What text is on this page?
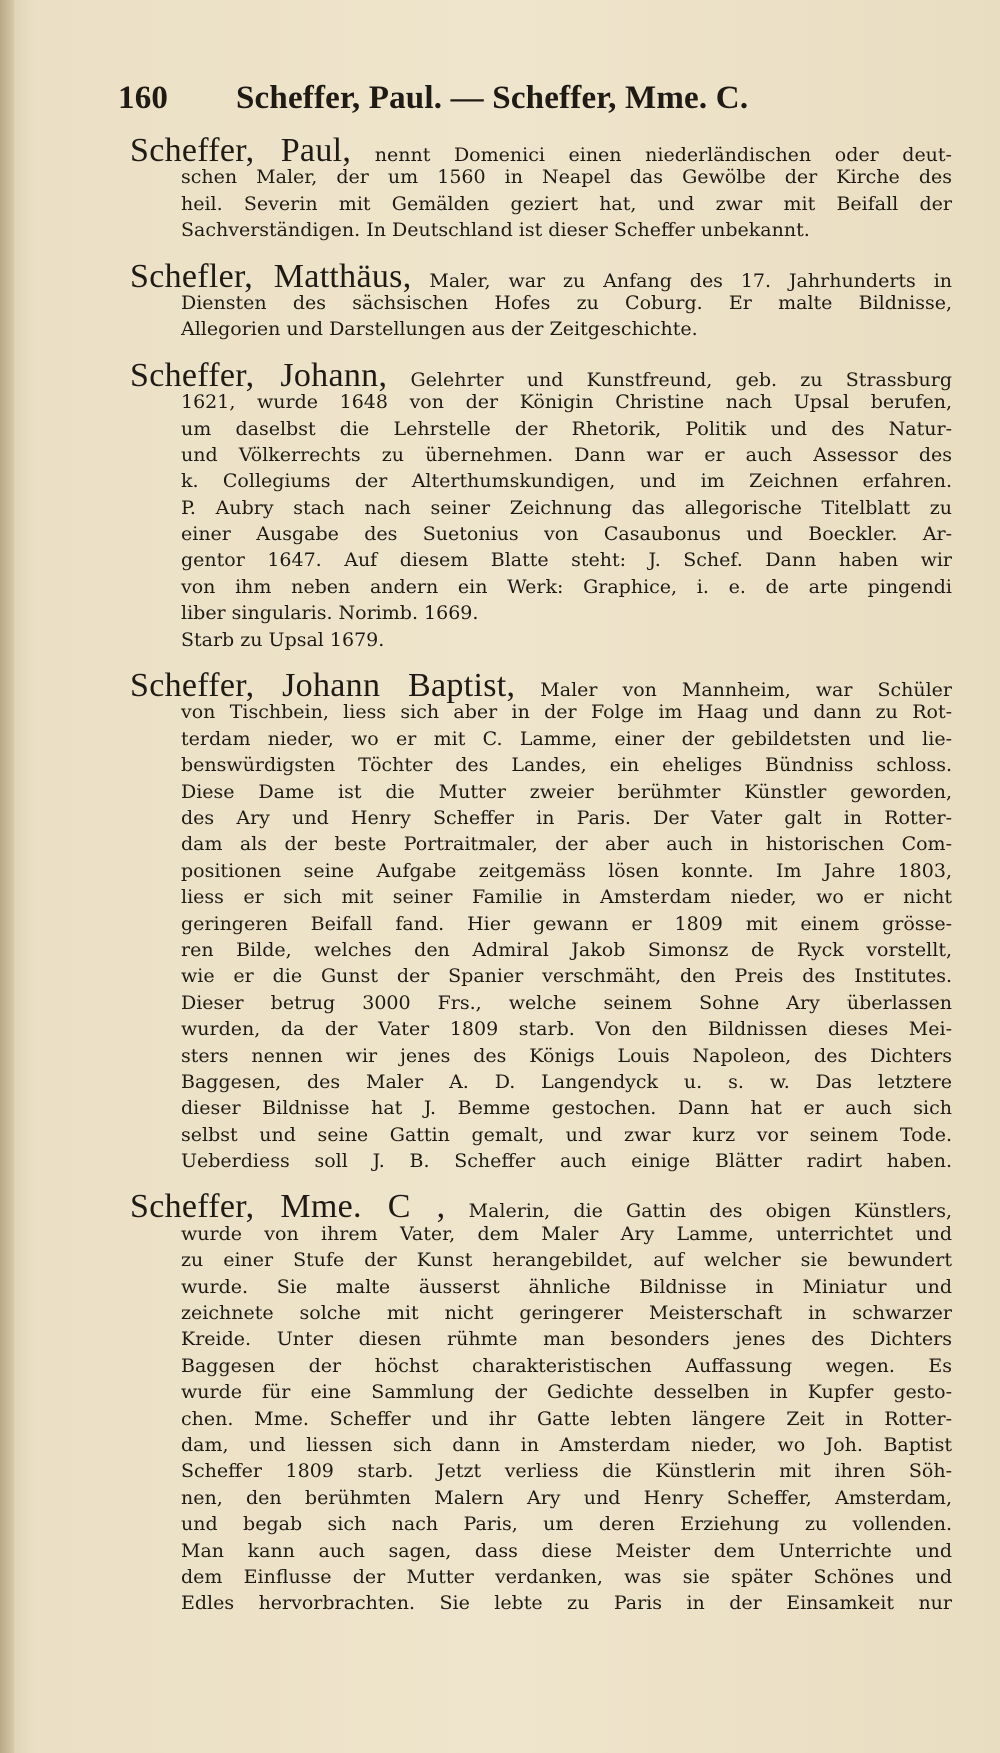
160 Scheffer, Paul. — Scheffer, Mme. C.
Scheffer, Paul, nennt Domenici einen niederländischen oder deut-
schen Maler, der um 1560 in Neapel das Gewölbe der Kirche des
heil. Severin mit Gemälden geziert hat, und zwar mit Beifall der
Sachverständigen. In Deutschland ist dieser Scheffer unbekannt.
Schefler, Matthäus, Maler, war zu Anfang des 17. Jahrhunderts in
Diensten des sächsischen Hofes zu Coburg. Er malte Bildnisse,
Allegorien und Darstellungen aus der Zeitgeschichte.
Scheffer, Johann, Gelehrter und Kunstfreund, geb. zu Strassburg
1621, wurde 1648 von der Königin Christine nach Upsal berufen,
um daselbst die Lehrstelle der Rhetorik, Politik und des Natur-
und Völkerrechts zu übernehmen. Dann war er auch Assessor des
k. Collegiums der Alterthumskundigen, und im Zeichnen erfahren.
P. Aubry stach nach seiner Zeichnung das allegorische Titelblatt zu
einer Ausgabe des Suetonius von Casaubonus und Boeckler. Ar-
gentor 1647. Auf diesem Blatte steht: J. Schef. Dann haben wir
von ihm neben andern ein Werk: Graphice, i. e. de arte pingendi
liber singularis. Norimb. 1669.
Starb zu Upsal 1679.
Scheffer, Johann Baptist, Maler von Mannheim, war Schüler
von Tischbein, liess sich aber in der Folge im Haag und dann zu Rot-
terdam nieder, wo er mit C. Lamme, einer der gebildetsten und lie-
benswürdigsten Töchter des Landes, ein eheliges Bündniss schloss.
Diese Dame ist die Mutter zweier berühmter Künstler geworden,
des Ary und Henry Scheffer in Paris. Der Vater galt in Rotter-
dam als der beste Portraitmaler, der aber auch in historischen Com-
positionen seine Aufgabe zeitgemäss lösen konnte. Im Jahre 1803,
liess er sich mit seiner Familie in Amsterdam nieder, wo er nicht
geringeren Beifall fand. Hier gewann er 1809 mit einem grösse-
ren Bilde, welches den Admiral Jakob Simonsz de Ryck vorstellt,
wie er die Gunst der Spanier verschmäht, den Preis des Institutes.
Dieser betrug 3000 Frs., welche seinem Sohne Ary überlassen
wurden, da der Vater 1809 starb. Von den Bildnissen dieses Mei-
sters nennen wir jenes des Königs Louis Napoleon, des Dichters
Baggesen, des Maler A. D. Langendyck u. s. w. Das letztere
dieser Bildnisse hat J. Bemme gestochen. Dann hat er auch sich
selbst und seine Gattin gemalt, und zwar kurz vor seinem Tode.
Ueberdiess soll J. B. Scheffer auch einige Blätter radirt haben.
Scheffer, Mme. C , Malerin, die Gattin des obigen Künstlers,
wurde von ihrem Vater, dem Maler Ary Lamme, unterrichtet und
zu einer Stufe der Kunst herangebildet, auf welcher sie bewundert
wurde. Sie malte äusserst ähnliche Bildnisse in Miniatur und
zeichnete solche mit nicht geringerer Meisterschaft in schwarzer
Kreide. Unter diesen rühmte man besonders jenes des Dichters
Baggesen der höchst charakteristischen Auffassung wegen. Es
wurde für eine Sammlung der Gedichte desselben in Kupfer gesto-
chen. Mme. Scheffer und ihr Gatte lebten längere Zeit in Rotter-
dam, und liessen sich dann in Amsterdam nieder, wo Joh. Baptist
Scheffer 1809 starb. Jetzt verliess die Künstlerin mit ihren Söh-
nen, den berühmten Malern Ary und Henry Scheffer, Amsterdam,
und begab sich nach Paris, um deren Erziehung zu vollenden.
Man kann auch sagen, dass diese Meister dem Unterrichte und
dem Einflusse der Mutter verdanken, was sie später Schönes und
Edles hervorbrachten. Sie lebte zu Paris in der Einsamkeit nur
